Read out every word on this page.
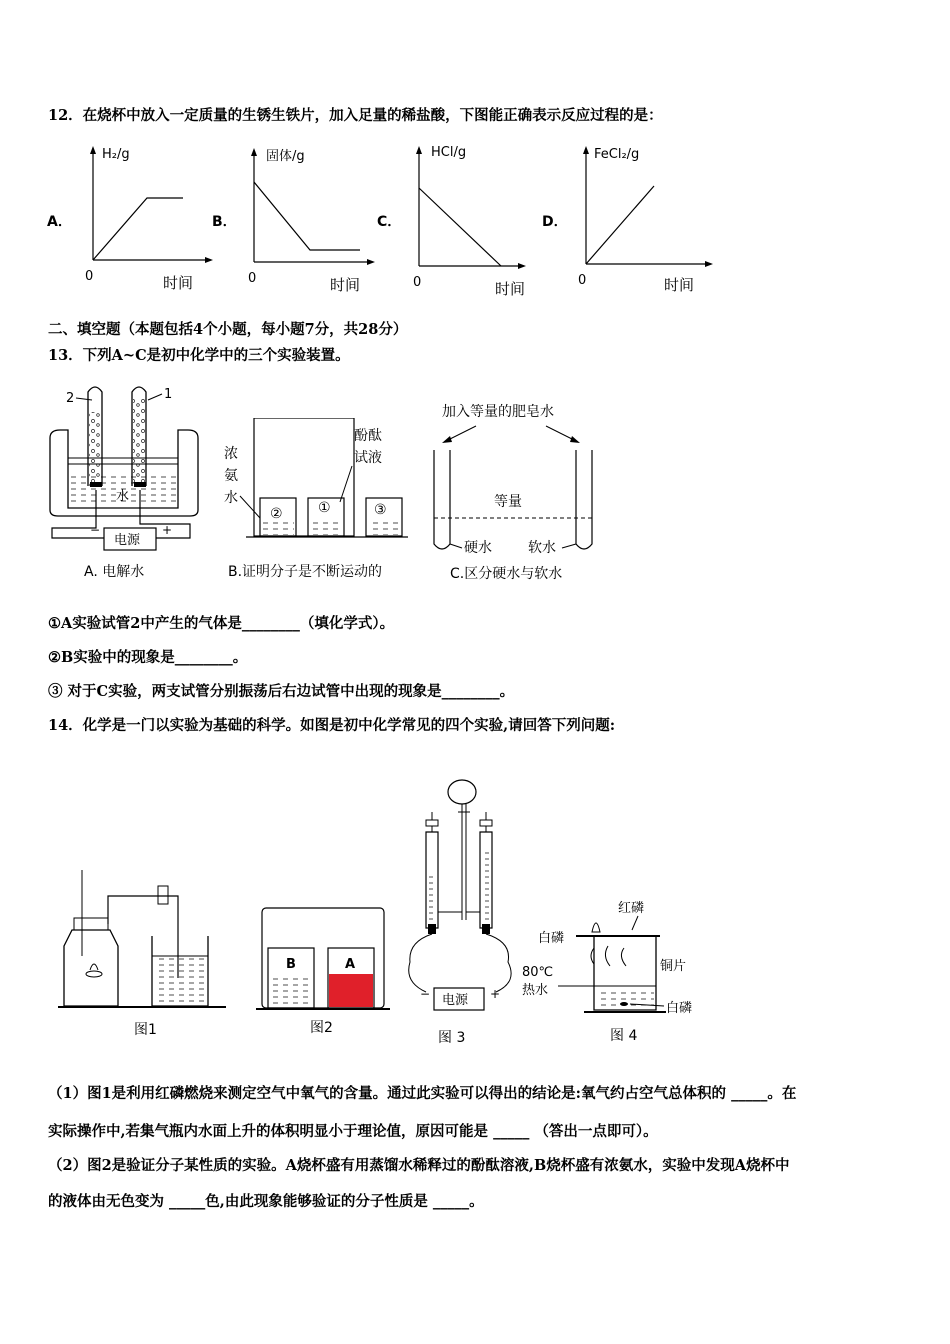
12．在烧杯中放入一定质量的生锈生铁片，加入足量的稀盐酸，下图能正确表示反应过程的是：
A．
H₂/g
0	时间
B．
固体/g
0	时间
C．
HCl/g
0	时间
D．
FeCl₂/g
0	时间
二、填空题（本题包括4个小题，每小题7分，共28分）
13．下列A~C是初中化学中的三个实验装置。
2	1
水
电源
−	+
A. 电解水
浓
氨
水
酚酞
试液
②	①	③
B.证明分子是不断运动的
加入等量的肥皂水
等量
硬水	软水
C.区分硬水与软水
①A实验试管2中产生的气体是________（填化学式）。
②B实验中的现象是________。
③ 对于C实验，两支试管分别振荡后右边试管中出现的现象是________。
14．化学是一门以实验为基础的科学。如图是初中化学常见的四个实验,请回答下列问题:
图1
B	A
图2
电源
−	+
图 3
红磷
白磷
80℃
热水
铜片
白磷
图 4
（1）图1是利用红磷燃烧来测定空气中氧气的含量。通过此实验可以得出的结论是:氧气约占空气总体积的 _____。在
实际操作中,若集气瓶内水面上升的体积明显小于理论值，原因可能是 _____ （答出一点即可）。
（2）图2是验证分子某性质的实验。A烧杯盛有用蒸馏水稀释过的酚酞溶液,B烧杯盛有浓氨水，实验中发现A烧杯中
的液体由无色变为 _____色,由此现象能够验证的分子性质是 _____。
